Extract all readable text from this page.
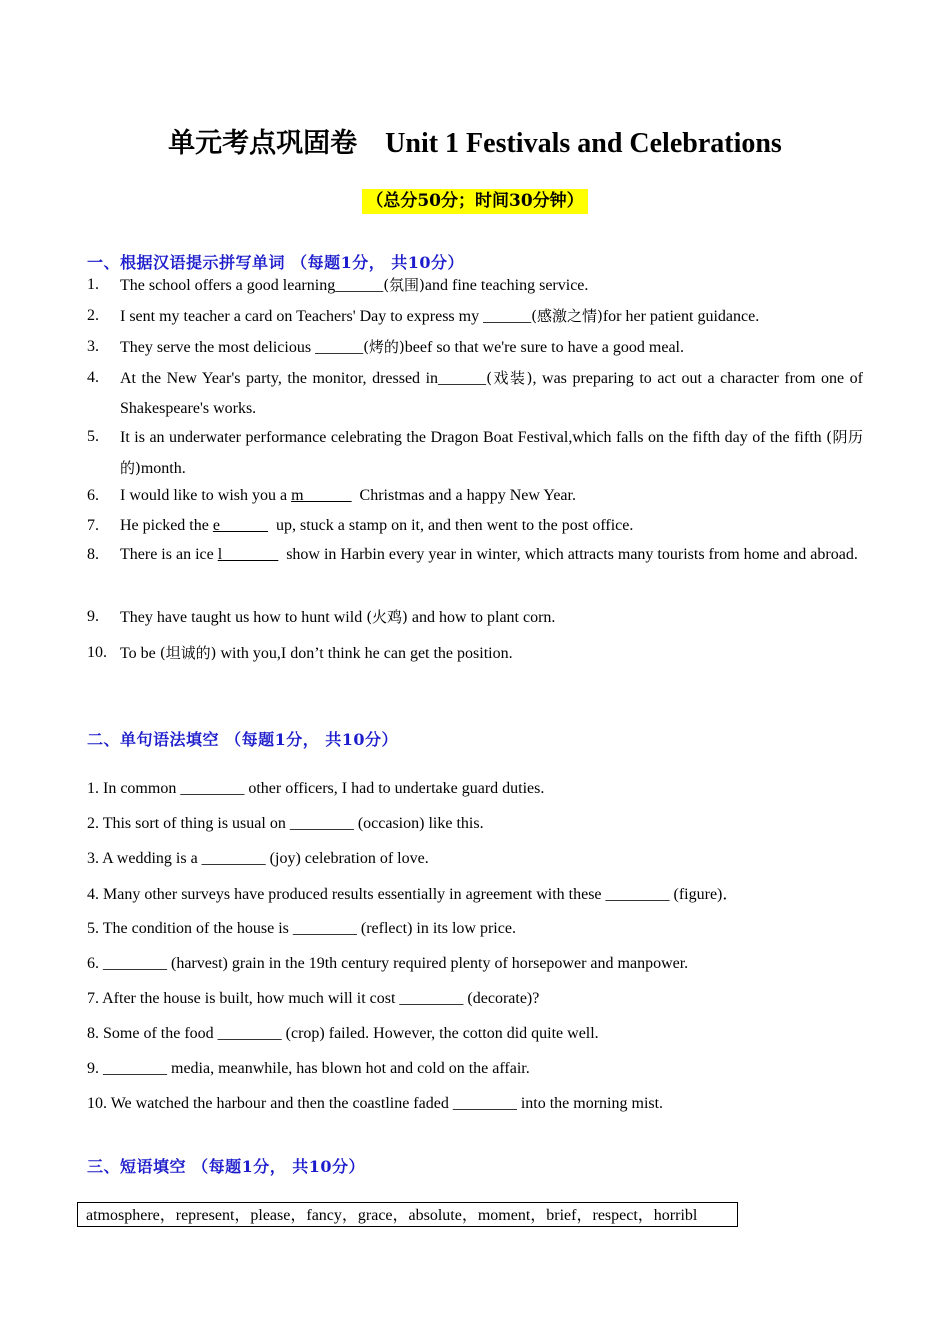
单元考点巩固卷 Unit 1 Festivals and Celebrations
（总分50分；时间30分钟）
一、根据汉语提示拼写单词 （每题1分， 共10分）
1.	The school offers a good learning______(氛围)and fine teaching service.
2.	I sent my teacher a card on Teachers' Day to express my ______(感激之情)for her patient guidance.
3.	They serve the most delicious ______(烤的)beef so that we're sure to have a good meal.
4.	At the New Year's party, the monitor, dressed in______(戏装), was preparing to act out a character from one of Shakespeare's works.
5.	It is an underwater performance celebrating the Dragon Boat Festival,which falls on the fifth day of the fifth (阴历的)month.
6.	I would like to wish you a m______  Christmas and a happy New Year.
7.	He picked the e______  up, stuck a stamp on it, and then went to the post office.
8.	There is an ice l_______  show in Harbin every year in winter, which attracts many tourists from home and abroad.
9.	They have taught us how to hunt wild (火鸡) and how to plant corn.
10. To be (坦诚的) with you,I don’t think he can get the position.
二、单句语法填空 （每题1分， 共10分）
1. In common ________ other officers, I had to undertake guard duties.
2. This sort of thing is usual on ________ (occasion) like this.
3. A wedding is a ________ (joy) celebration of love.
4. Many other surveys have produced results essentially in agreement with these ________ (figure)．
5. The condition of the house is ________ (reflect) in its low price.
6. ________ (harvest) grain in the 19th century required plenty of horsepower and manpower.
7. After the house is built, how much will it cost ________ (decorate)?
8. Some of the food ________ (crop) failed. However, the cotton did quite well.
9. ________ media, meanwhile, has blown hot and cold on the affair.
10. We watched the harbour and then the coastline faded ________ into the morning mist.
三、短语填空 （每题1分， 共10分）
atmosphere，represent，please，fancy，grace，absolute，moment，brief，respect，horribl
